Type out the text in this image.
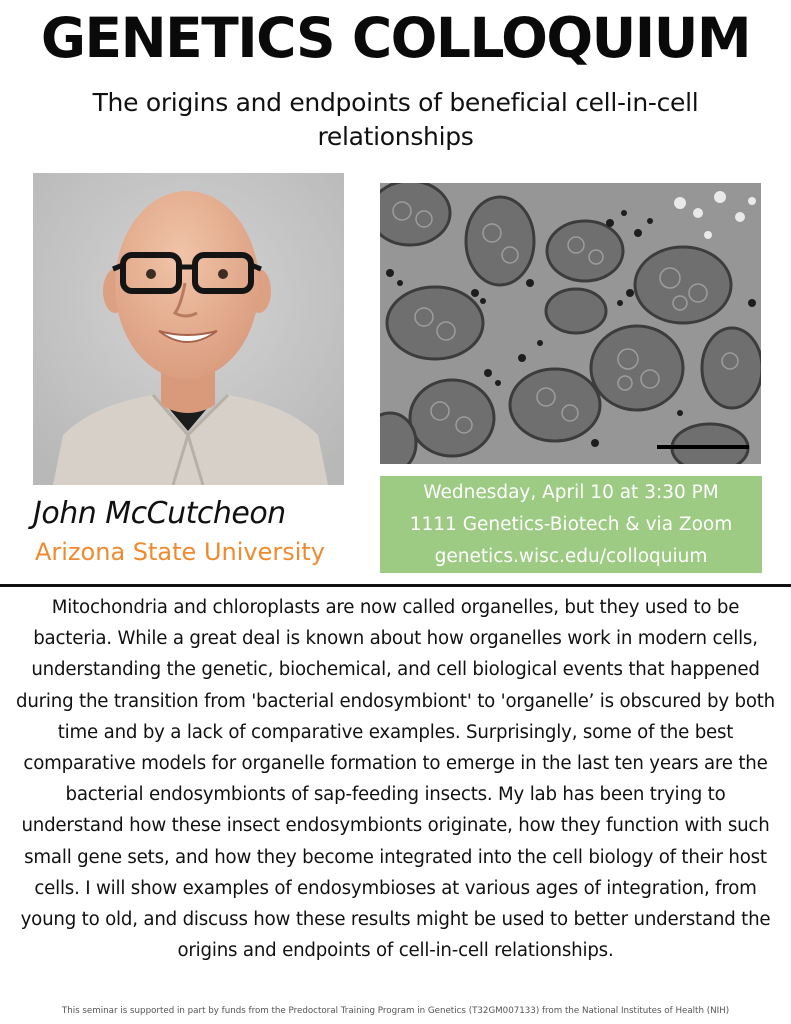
GENETICS COLLOQUIUM
The origins and endpoints of beneficial cell-in-cell relationships
John McCutcheon
Arizona State University
Wednesday, April 10 at 3:30 PM
1111 Genetics-Biotech & via Zoom
genetics.wisc.edu/colloquium
Mitochondria and chloroplasts are now called organelles, but they used to be bacteria. While a great deal is known about how organelles work in modern cells, understanding the genetic, biochemical, and cell biological events that happened during the transition from 'bacterial endosymbiont' to 'organelle’ is obscured by both time and by a lack of comparative examples. Surprisingly, some of the best comparative models for organelle formation to emerge in the last ten years are the bacterial endosymbionts of sap-feeding insects. My lab has been trying to understand how these insect endosymbionts originate, how they function with such small gene sets, and how they become integrated into the cell biology of their host cells. I will show examples of endosymbioses at various ages of integration, from young to old, and discuss how these results might be used to better understand the origins and endpoints of cell-in-cell relationships.
This seminar is supported in part by funds from the Predoctoral Training Program in Genetics (T32GM007133) from the National Institutes of Health (NIH)
